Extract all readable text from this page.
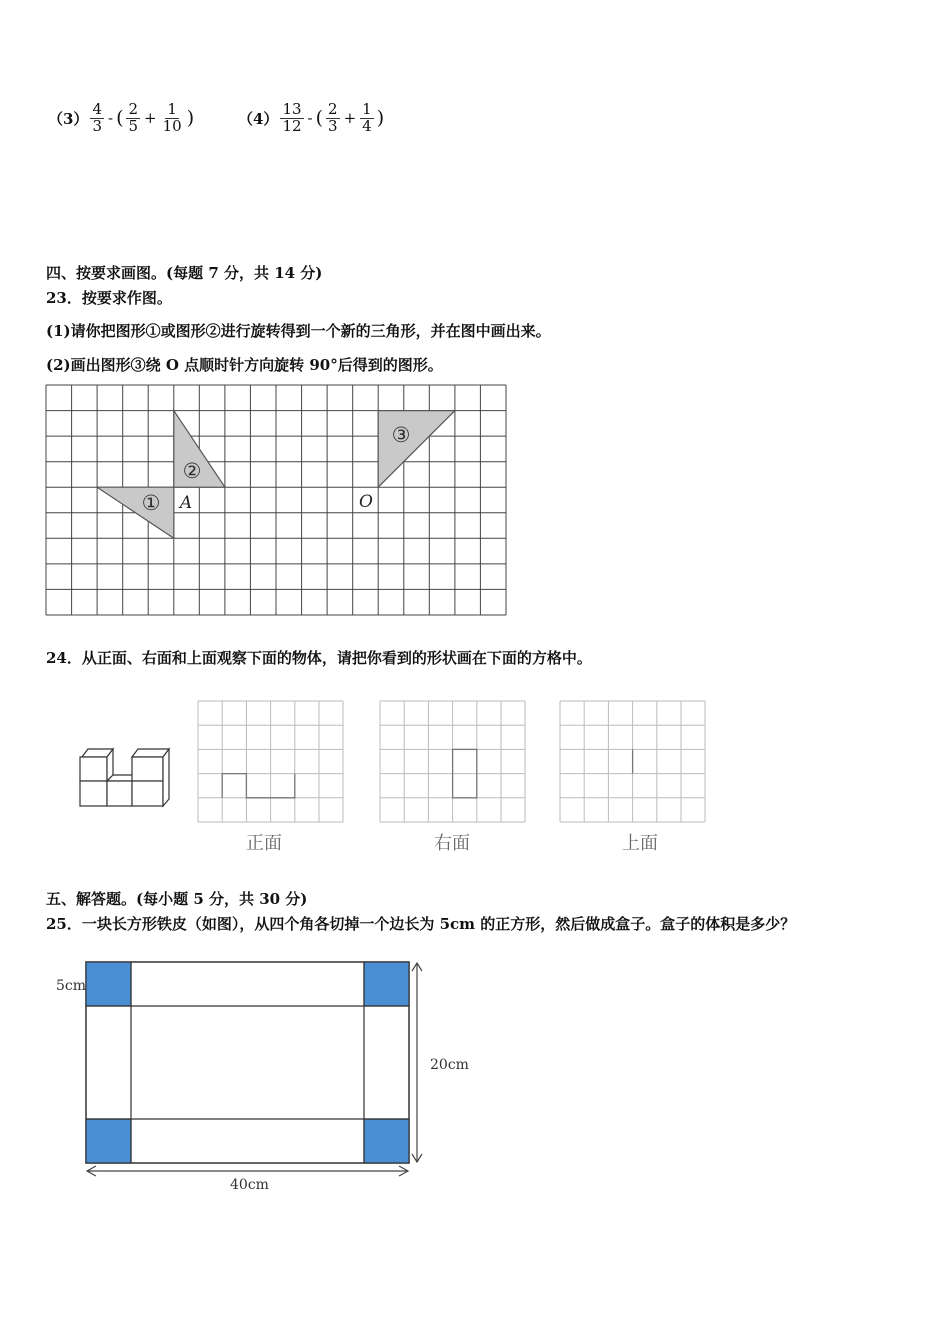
$(3) \frac{4}{3}$ - ( $\frac{2}{5} + \frac{1}{10}$ )	$(4) \frac{13}{12}$ - ( $\frac{2}{3} + \frac{1}{4}$ )
四、按要求画图。(每题 7 分，共 14 分)
23．按要求作图。
(1)请你把图形①或图形②进行旋转得到一个新的三角形，并在图中画出来。
(2)画出图形③绕 O 点顺时针方向旋转 90°后得到的图形。
①
②
③
A	O
24．从正面、右面和上面观察下面的物体，请把你看到的形状画在下面的方格中。
正面	右面	上面
五、解答题。(每小题 5 分，共 30 分)
25．一块长方形铁皮（如图），从四个角各切掉一个边长为 5cm 的正方形，然后做成盒子。盒子的体积是多少？
5cm
20cm
40cm
